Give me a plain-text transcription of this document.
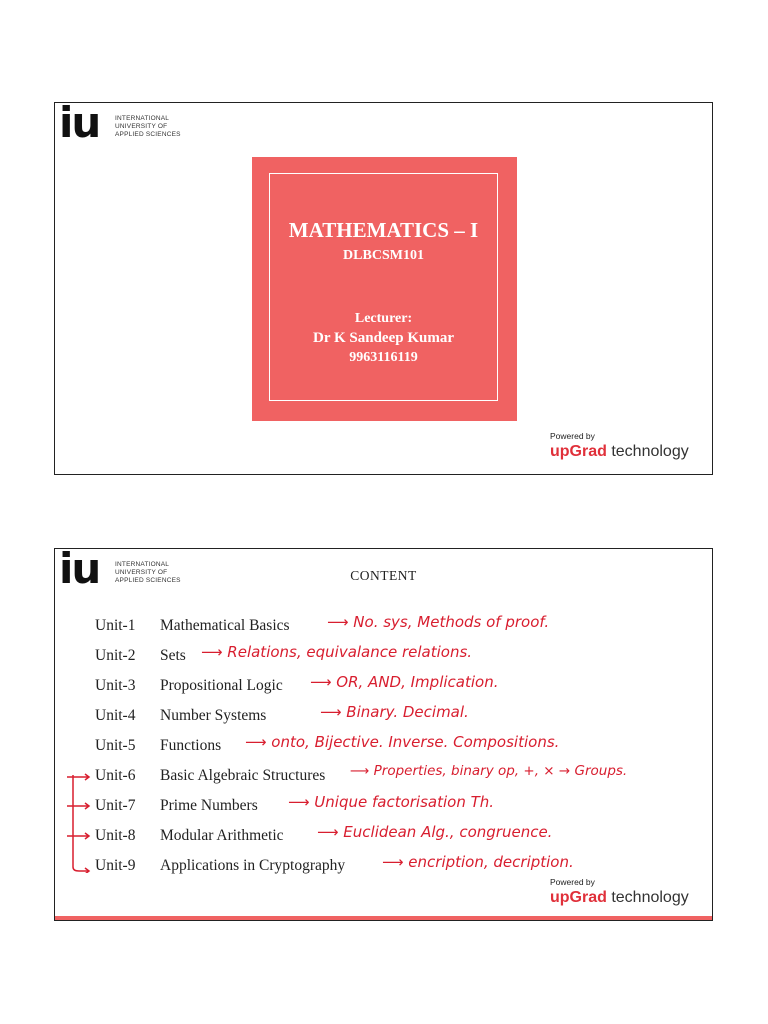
iu INTERNATIONAL
UNIVERSITY OF
APPLIED SCIENCES
MATHEMATICS – I
DLBCSM101
Lecturer:
Dr K Sandeep Kumar
9963116119
Powered by
upGrad technology
iu INTERNATIONAL
UNIVERSITY OF
APPLIED SCIENCES	CONTENT
Unit-1 Mathematical Basics ⟶ No. sys, Methods of proof.
Unit-2 Sets ⟶ Relations, equivalance relations.
Unit-3 Propositional Logic ⟶ OR, AND, Implication.
Unit-4 Number Systems	⟶ Binary. Decimal.
Unit-5 Functions ⟶ onto, Bijective. Inverse. Compositions.
Unit-6 Basic Algebraic Structures ⟶ Properties, binary op, +, × → Groups.
Unit-7 Prime Numbers ⟶ Unique factorisation Th.
Unit-8 Modular Arithmetic ⟶ Euclidean Alg., congruence.
Unit-9 Applications in Cryptography ⟶ encription, decription.
Powered by
upGrad technology
